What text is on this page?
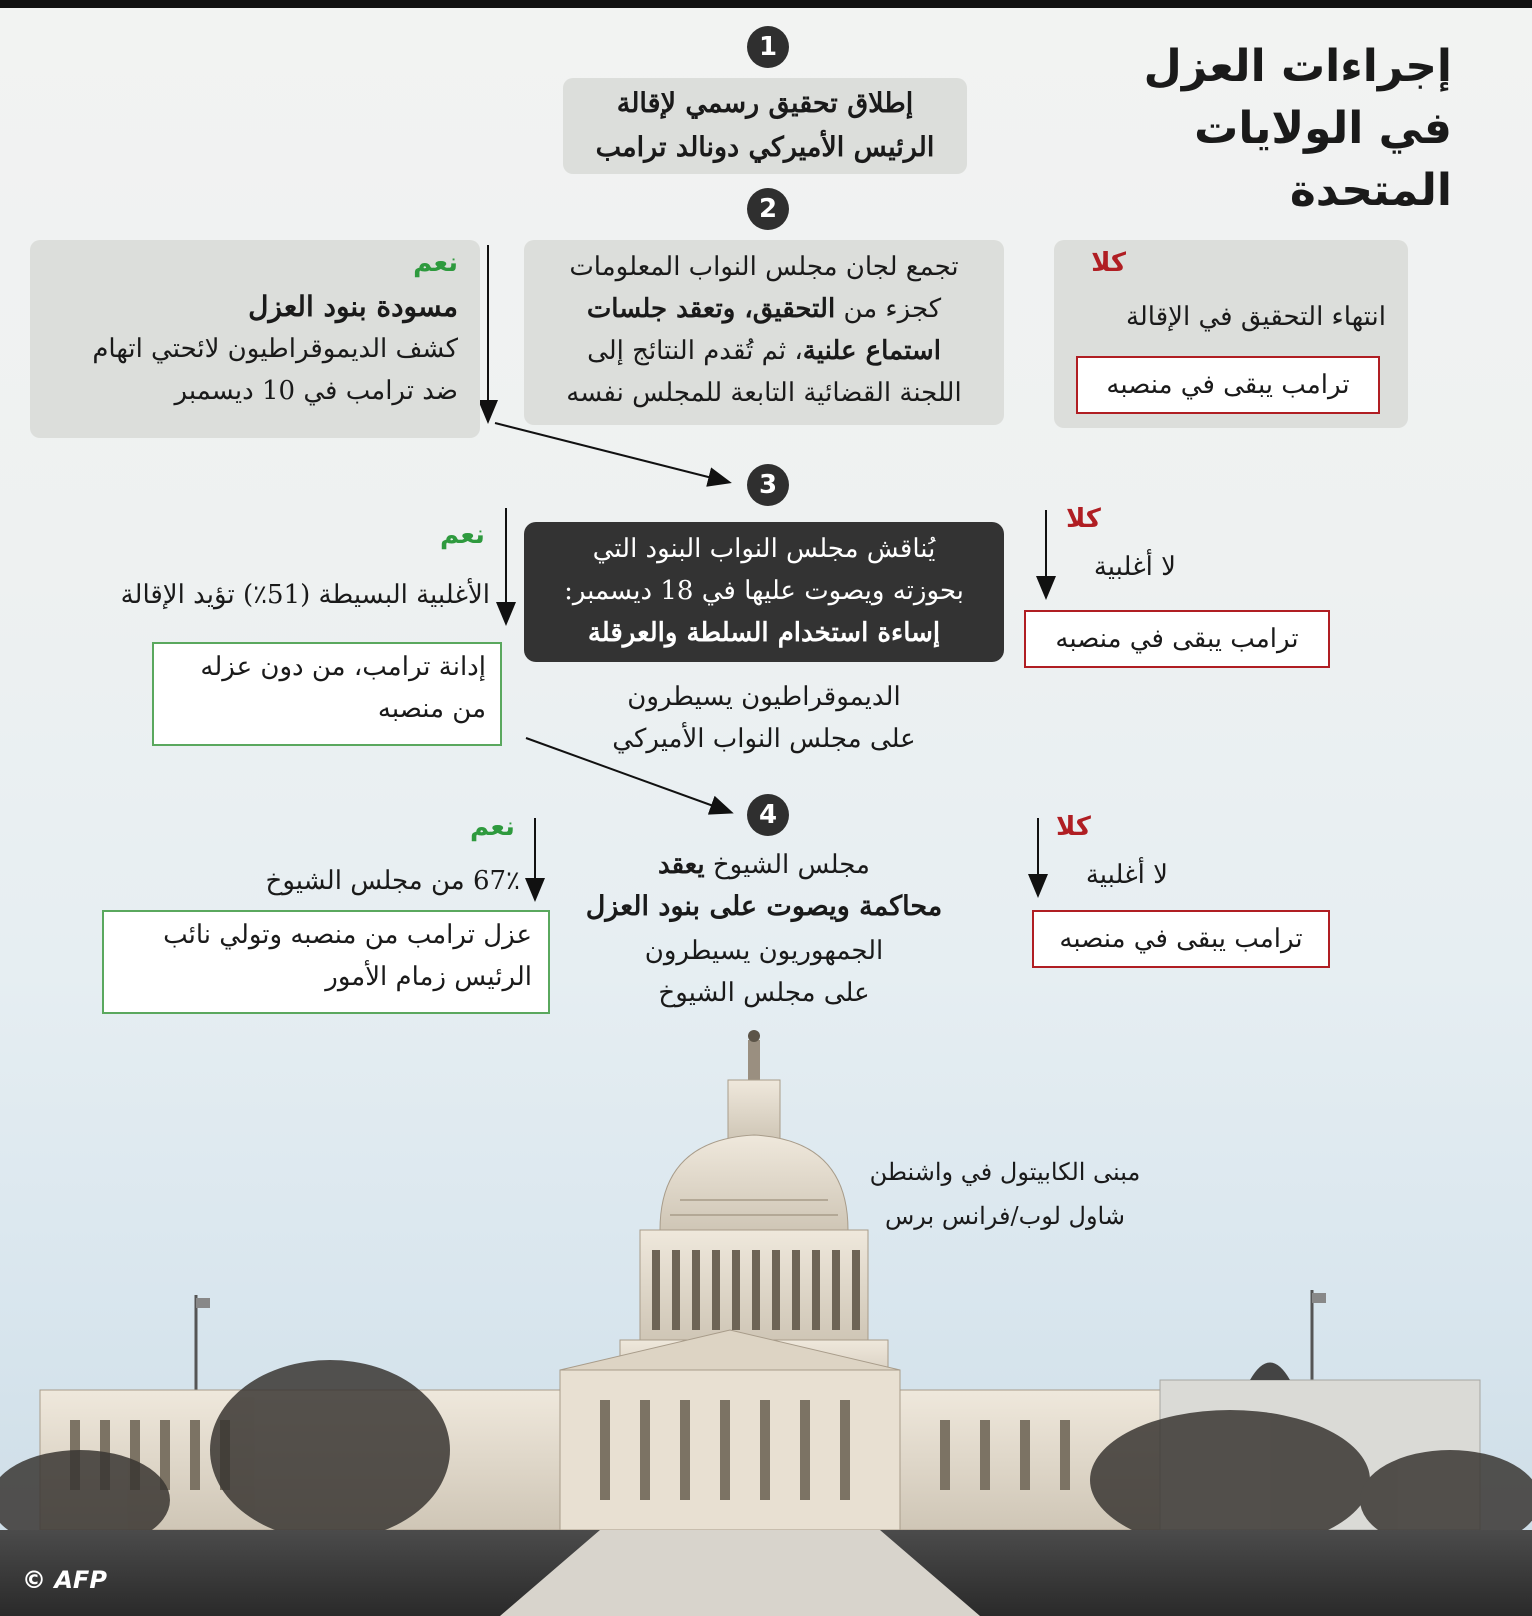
إجراءات العزل
في الولايات المتحدة
1
2
3
4
إطلاق تحقيق رسمي لإقالة
الرئيس الأميركي دونالد ترامب
تجمع لجان مجلس النواب المعلومات
كجزء من التحقيق، وتعقد جلسات
استماع علنية، ثم تُقدم النتائج إلى
اللجنة القضائية التابعة للمجلس نفسه
نعم
مسودة بنود العزل
كشف الديموقراطيون لائحتي اتهام
ضد ترامب في 10 ديسمبر
كلا
انتهاء التحقيق في الإقالة
ترامب يبقى في منصبه
يُناقش مجلس النواب البنود التي
بحوزته ويصوت عليها في 18 ديسمبر:
إساءة استخدام السلطة والعرقلة
الديموقراطيون يسيطرون
على مجلس النواب الأميركي
نعم
الأغلبية البسيطة (51٪) تؤيد الإقالة
إدانة ترامب، من دون عزله
من منصبه
كلا
لا أغلبية
ترامب يبقى في منصبه
مجلس الشيوخ يعقد
محاكمة ويصوت على بنود العزل
الجمهوريون يسيطرون
على مجلس الشيوخ
نعم
67٪ من مجلس الشيوخ
عزل ترامب من منصبه وتولي نائب
الرئيس زمام الأمور
كلا
لا أغلبية
ترامب يبقى في منصبه
مبنى الكابيتول في واشنطن
شاول لوب/فرانس برس
© AFP
